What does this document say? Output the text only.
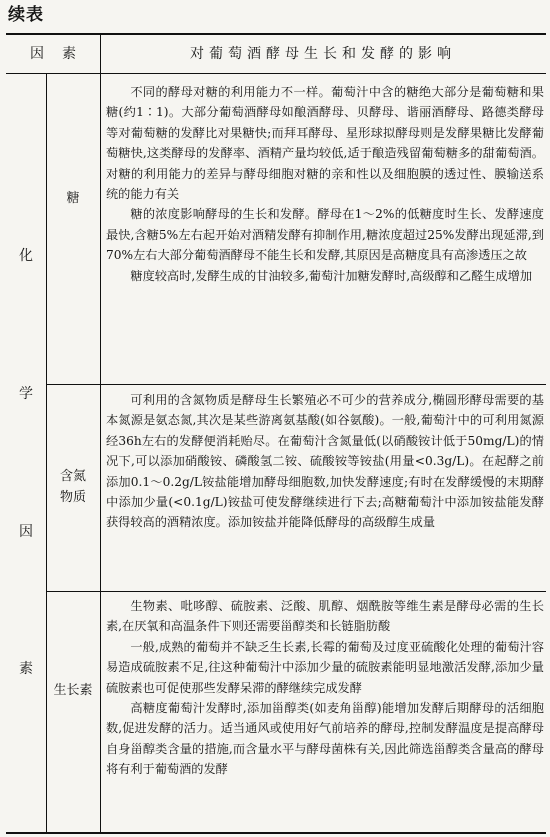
续表
因素	对葡萄酒酵母生长和发酵的影响
化
学
因
素
糖
含氮
物质
生长素

不同的酵母对糖的利用能力不一样。葡萄汁中含的糖绝大部分是葡萄糖和果糖(约1∶1)。大部分葡萄酒酵母如酿酒酵母、贝酵母、谐丽酒酵母、路德类酵母等对葡萄糖的发酵比对果糖快;而拜耳酵母、星形球拟酵母则是发酵果糖比发酵葡萄糖快,这类酵母的发酵率、酒精产量均较低,适于酿造残留葡萄糖多的甜葡萄酒。对糖的利用能力的差异与酵母细胞对糖的亲和性以及细胞膜的透过性、膜输送系统的能力有关

糖的浓度影响酵母的生长和发酵。酵母在1～2%的低糖度时生长、发酵速度最快,含糖5%左右起开始对酒精发酵有抑制作用,糖浓度超过25%发酵出现延滞,到70%左右大部分葡萄酒酵母不能生长和发酵,其原因是高糖度具有高渗透压之故

糖度较高时,发酵生成的甘油较多,葡萄汁加糖发酵时,高级醇和乙醛生成增加

可利用的含氮物质是酵母生长繁殖必不可少的营养成分,椭圆形酵母需要的基本氮源是氨态氮,其次是某些游离氨基酸(如谷氨酸)。一般,葡萄汁中的可利用氮源经36h左右的发酵便消耗贻尽。在葡萄汁含氮量低(以硝酸铵计低于50mg/L)的情况下,可以添加硝酸铵、磷酸氢二铵、硫酸铵等铵盐(用量<0.3g/L)。在起酵之前添加0.1～0.2g/L铵盐能增加酵母细胞数,加快发酵速度;有时在发酵缓慢的末期酵中添加少量(<0.1g/L)铵盐可使发酵继续进行下去;高糖葡萄汁中添加铵盐能发酵获得较高的酒精浓度。添加铵盐并能降低酵母的高级醇生成量

生物素、吡哆醇、硫胺素、泛酸、肌醇、烟酰胺等维生素是酵母必需的生长素,在厌氧和高温条件下则还需要甾醇类和长链脂肪酸

一般,成熟的葡萄并不缺乏生长素,长霉的葡萄及过度亚硫酸化处理的葡萄汁容易造成硫胺素不足,往这种葡萄汁中添加少量的硫胺素能明显地激活发酵,添加少量硫胺素也可促使那些发酵呆滞的酵继续完成发酵

高糖度葡萄汁发酵时,添加甾醇类(如麦角甾醇)能增加发酵后期酵母的活细胞数,促进发酵的活力。适当通风或使用好气前培养的酵母,控制发酵温度是提高酵母自身甾醇类含量的措施,而含量水平与酵母菌株有关,因此筛选甾醇类含量高的酵母将有利于葡萄酒的发酵
